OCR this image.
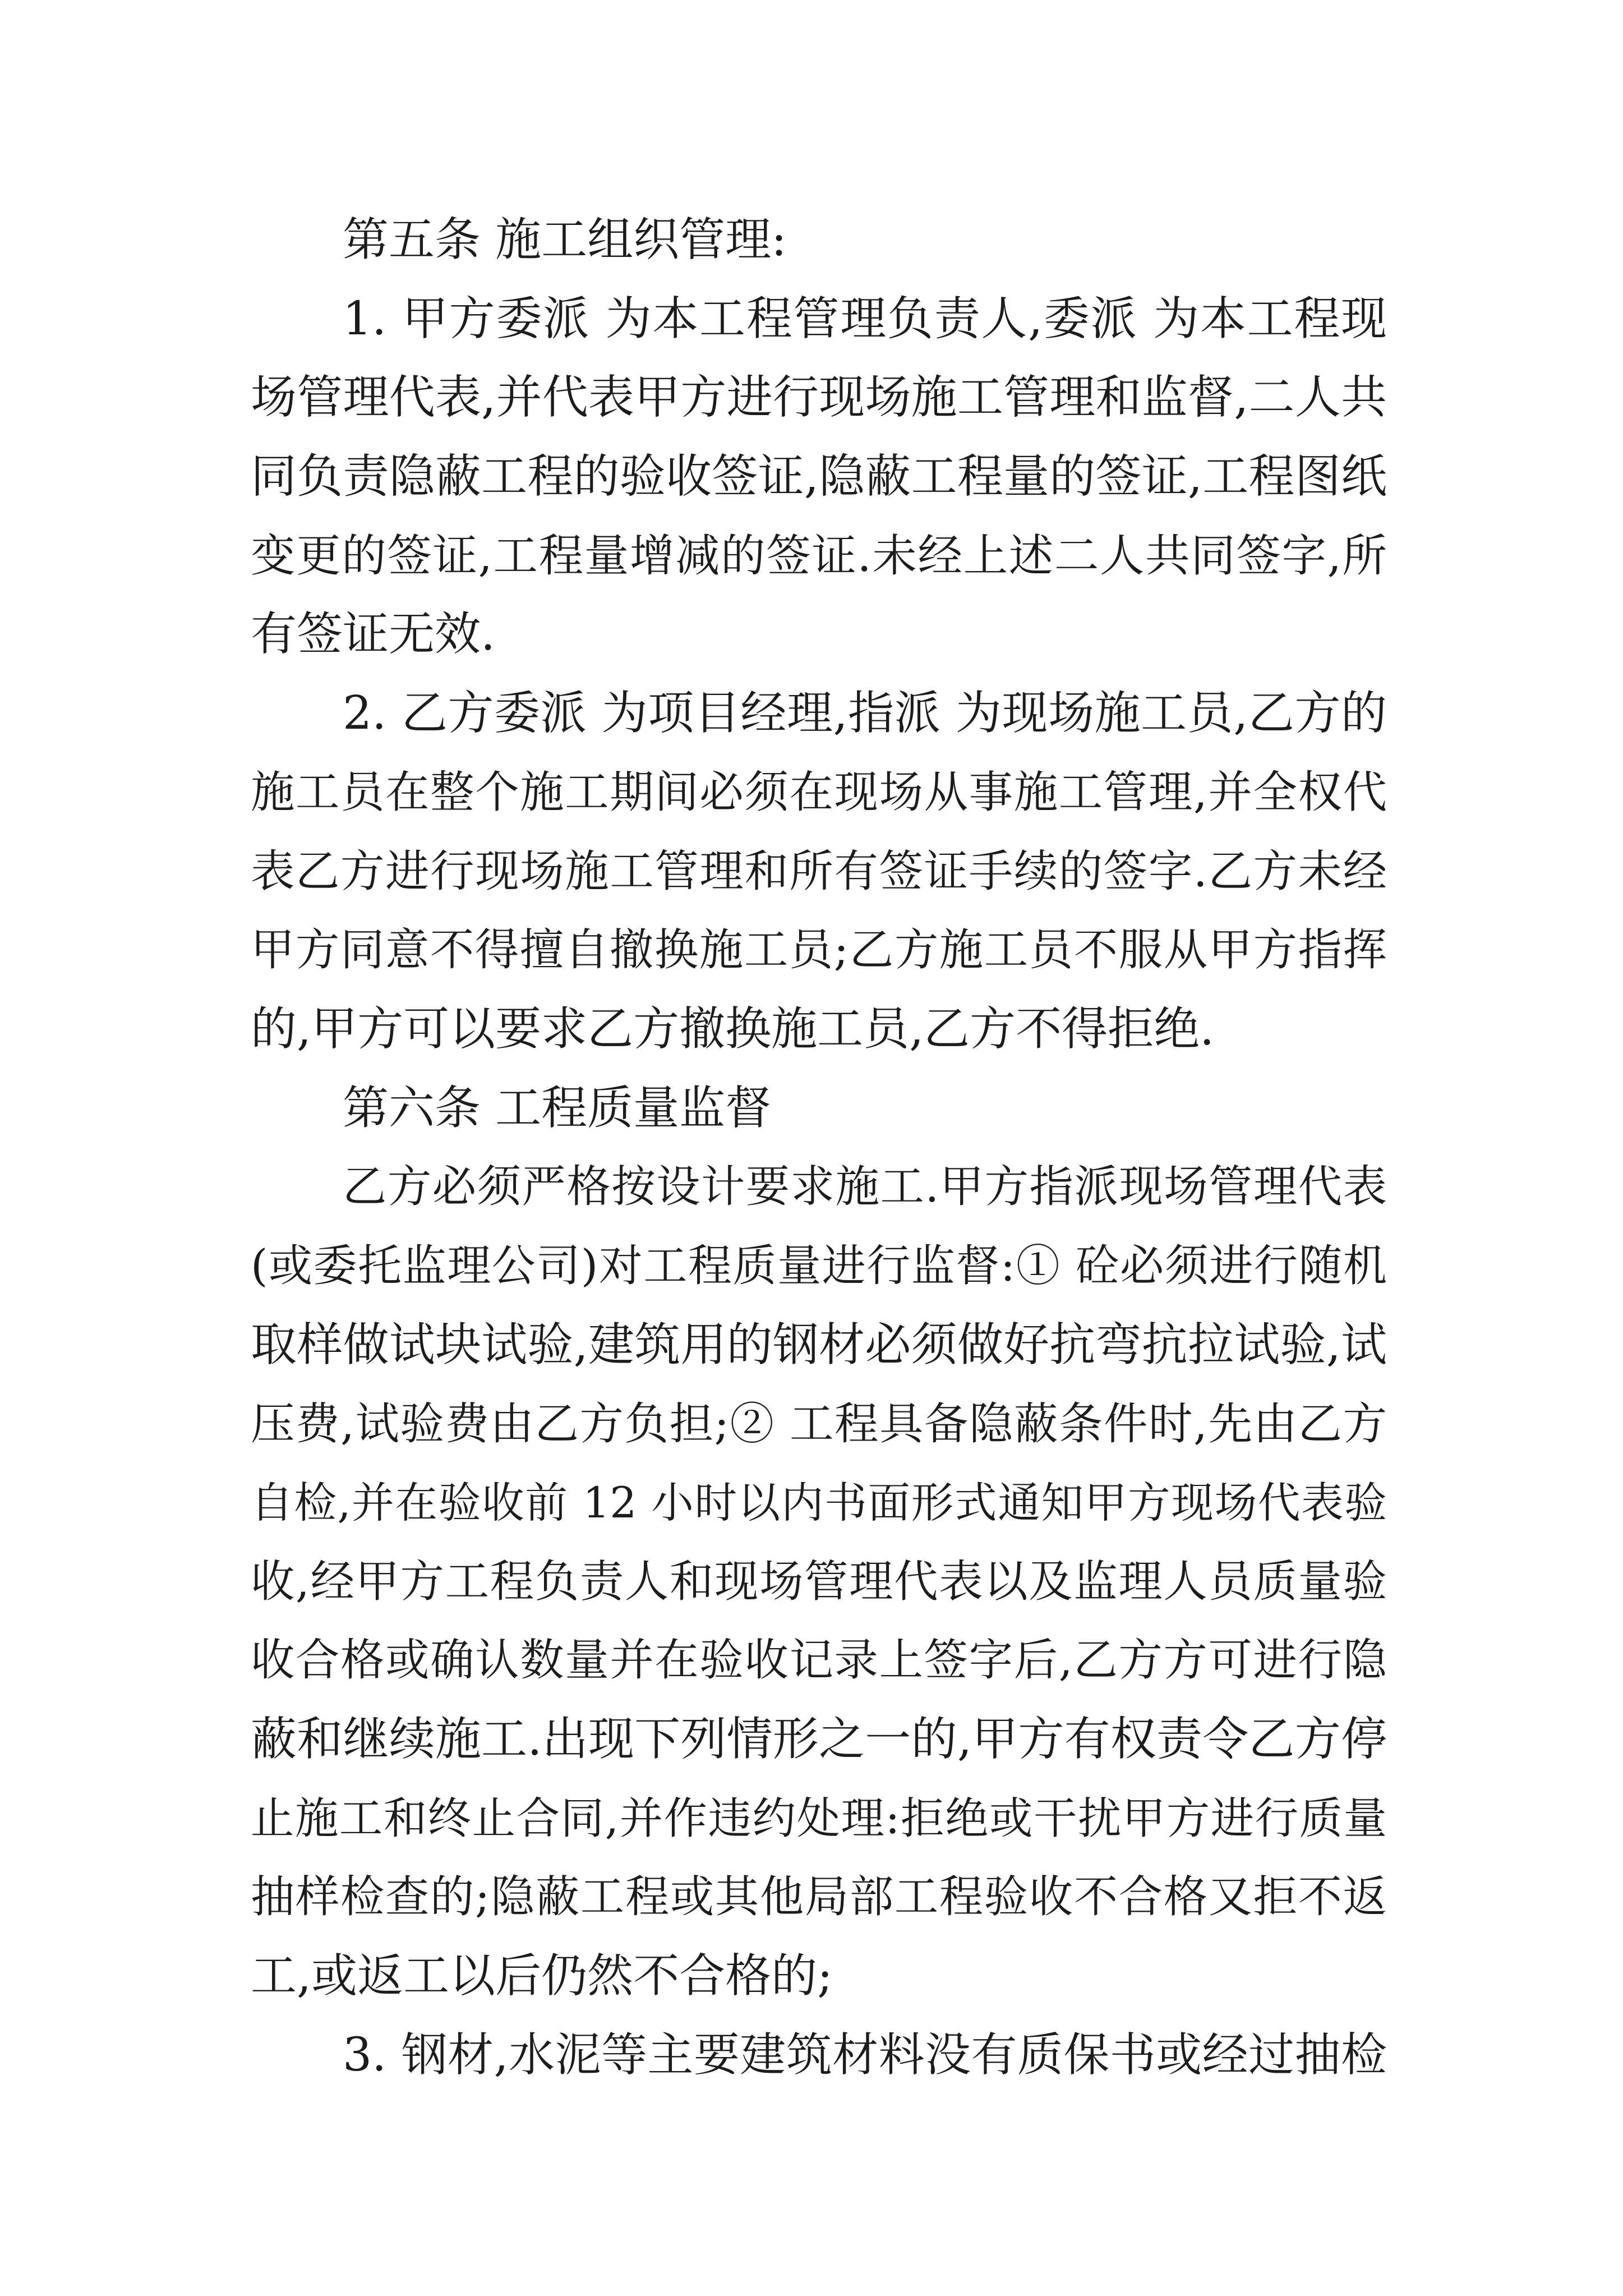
第五条 施工组织管理:
1. 甲方委派 为本工程管理负责人,委派 为本工程现
场管理代表,并代表甲方进行现场施工管理和监督,二人共
同负责隐蔽工程的验收签证,隐蔽工程量的签证,工程图纸
变更的签证,工程量增减的签证.未经上述二人共同签字,所
有签证无效.
2. 乙方委派 为项目经理,指派 为现场施工员,乙方的
施工员在整个施工期间必须在现场从事施工管理,并全权代
表乙方进行现场施工管理和所有签证手续的签字.乙方未经
甲方同意不得擅自撤换施工员;乙方施工员不服从甲方指挥
的,甲方可以要求乙方撤换施工员,乙方不得拒绝.
第六条 工程质量监督
乙方必须严格按设计要求施工.甲方指派现场管理代表
(或委托监理公司)对工程质量进行监督:① 砼必须进行随机
取样做试块试验,建筑用的钢材必须做好抗弯抗拉试验,试
压费,试验费由乙方负担;② 工程具备隐蔽条件时,先由乙方
自检,并在验收前 12 小时以内书面形式通知甲方现场代表验
收,经甲方工程负责人和现场管理代表以及监理人员质量验
收合格或确认数量并在验收记录上签字后,乙方方可进行隐
蔽和继续施工.出现下列情形之一的,甲方有权责令乙方停
止施工和终止合同,并作违约处理:拒绝或干扰甲方进行质量
抽样检查的;隐蔽工程或其他局部工程验收不合格又拒不返
工,或返工以后仍然不合格的;
3. 钢材,水泥等主要建筑材料没有质保书或经过抽检
